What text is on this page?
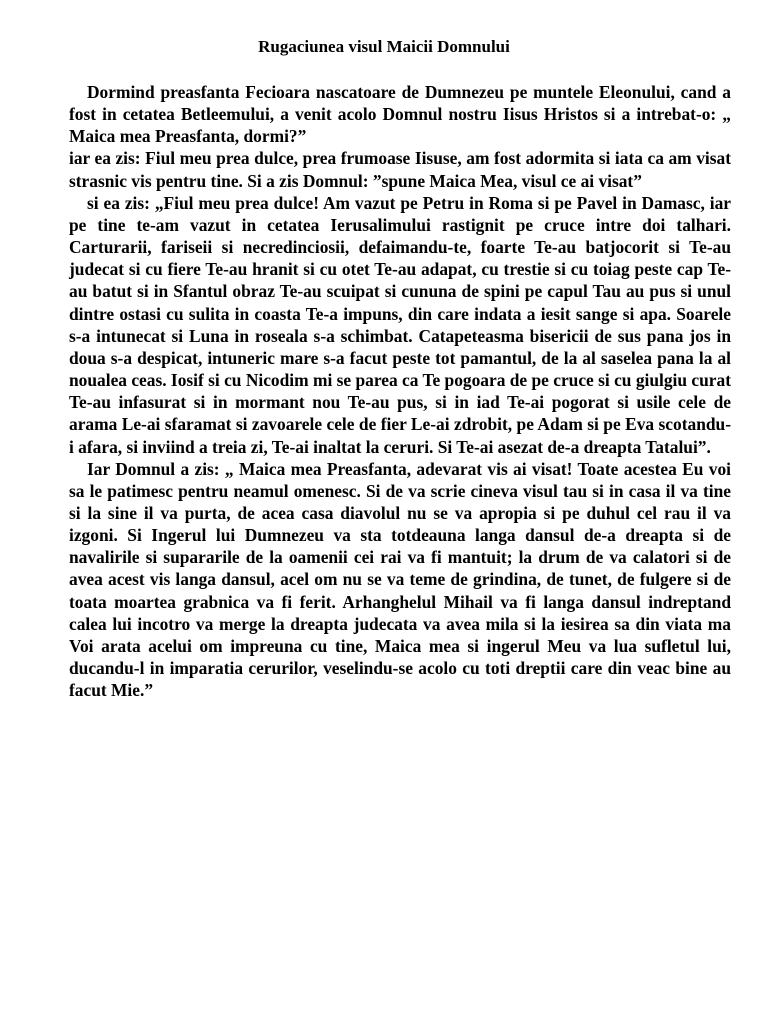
Rugaciunea visul Maicii Domnului

Dormind preasfanta Fecioara nascatoare de Dumnezeu pe muntele Eleonului, cand a fost in cetatea Betleemului, a venit acolo Domnul nostru Iisus Hristos si a intrebat-o: „ Maica mea Preasfanta, dormi?”

iar ea zis: Fiul meu prea dulce, prea frumoase Iisuse, am fost adormita si iata ca am visat strasnic vis pentru tine. Si a zis Domnul: ”spune Maica Mea, visul ce ai visat”

si ea zis: „Fiul meu prea dulce! Am vazut pe Petru in Roma si pe Pavel in Damasc, iar pe tine te-am vazut in cetatea Ierusalimului rastignit pe cruce intre doi talhari. Carturarii, fariseii si necredinciosii, defaimandu-te, foarte Te-au batjocorit si Te-au judecat si cu fiere Te-au hranit si cu otet Te-au adapat, cu trestie si cu toiag peste cap Te-au batut si in Sfantul obraz Te-au scuipat si cununa de spini pe capul Tau au pus si unul dintre ostasi cu sulita in coasta Te-a impuns, din care indata a iesit sange si apa. Soarele s-a intunecat si Luna in roseala s-a schimbat. Catapeteasma bisericii de sus pana jos in doua s-a despicat, intuneric mare s-a facut peste tot pamantul, de la al saselea pana la al noualea ceas. Iosif si cu Nicodim mi se parea ca Te pogoara de pe cruce si cu giulgiu curat Te-au infasurat si in mormant nou Te-au pus, si in iad Te-ai pogorat si usile cele de arama Le-ai sfaramat si zavoarele cele de fier Le-ai zdrobit, pe Adam si pe Eva scotandu-i afara, si inviind a treia zi, Te-ai inaltat la ceruri. Si Te-ai asezat de-a dreapta Tatalui”.

Iar Domnul a zis: „ Maica mea Preasfanta, adevarat vis ai visat! Toate acestea Eu voi sa le patimesc pentru neamul omenesc. Si de va scrie cineva visul tau si in casa il va tine si la sine il va purta, de acea casa diavolul nu se va apropia si pe duhul cel rau il va izgoni. Si Ingerul lui Dumnezeu va sta totdeauna langa dansul de-a dreapta si de navalirile si supararile de la oamenii cei rai va fi mantuit; la drum de va calatori si de avea acest vis langa dansul, acel om nu se va teme de grindina, de tunet, de fulgere si de toata moartea grabnica va fi ferit. Arhanghelul Mihail va fi langa dansul indreptand calea lui incotro va merge la dreapta judecata va avea mila si la iesirea sa din viata ma Voi arata acelui om impreuna cu tine, Maica mea si ingerul Meu va lua sufletul lui, ducandu-l in imparatia cerurilor, veselindu-se acolo cu toti dreptii care din veac bine au facut Mie.”
